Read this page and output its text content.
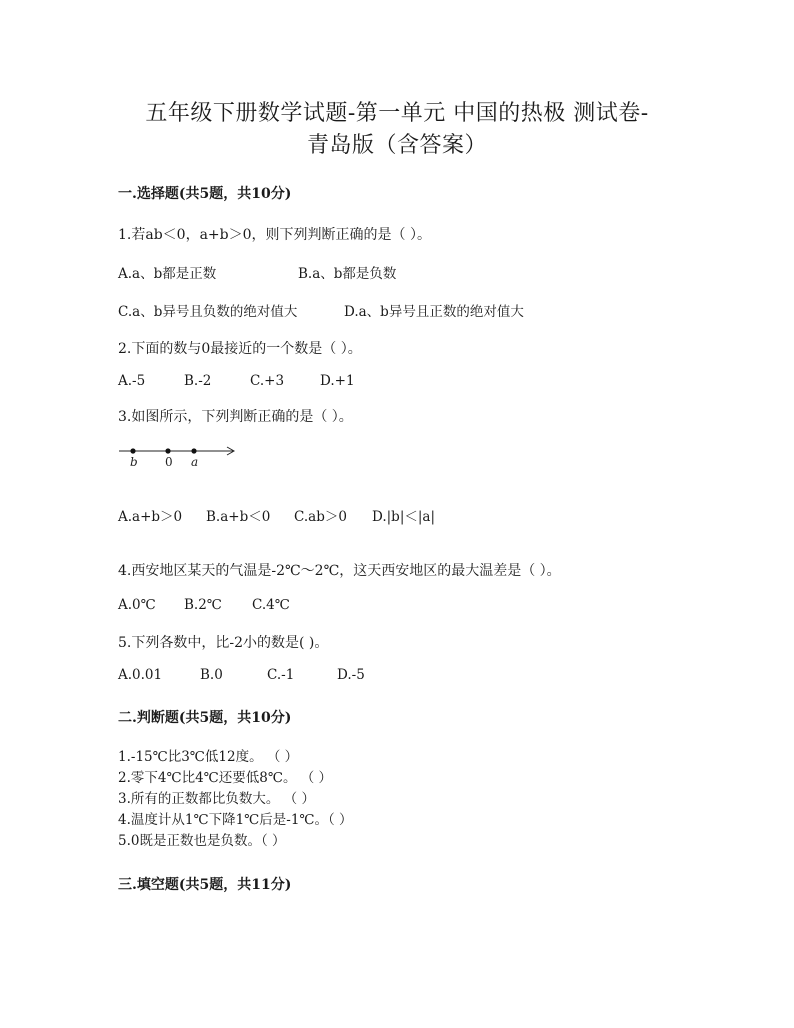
五年级下册数学试题-第一单元 中国的热极 测试卷-
青岛版（含答案）
一.选择题(共5题，共10分)
1.若ab＜0，a+b＞0，则下列判断正确的是（ ）。
A.a、b都是正数	B.a、b都是负数
C.a、b异号且负数的绝对值大	D.a、b异号且正数的绝对值大
2.下面的数与0最接近的一个数是（ ）。
A.-5	B.-2	C.+3	D.+1
3.如图所示，下列判断正确的是（ ）。
b 0 a
A.a+b＞0 B.a+b＜0 C.ab＞0 D.|b|＜|a|
4.西安地区某天的气温是-2℃～2℃，这天西安地区的最大温差是（ ）。
A.0℃ B.2℃ C.4℃
5.下列各数中，比-2小的数是( )。
A.0.01	B.0	C.-1	D.-5
二.判断题(共5题，共10分)
1.-15℃比3℃低12度。 （ ）
2.零下4℃比4℃还要低8℃。 （ ）
3.所有的正数都比负数大。 （ ）
4.温度计从1℃下降1℃后是-1℃。（ ）
5.0既是正数也是负数。（ ）
三.填空题(共5题，共11分)
